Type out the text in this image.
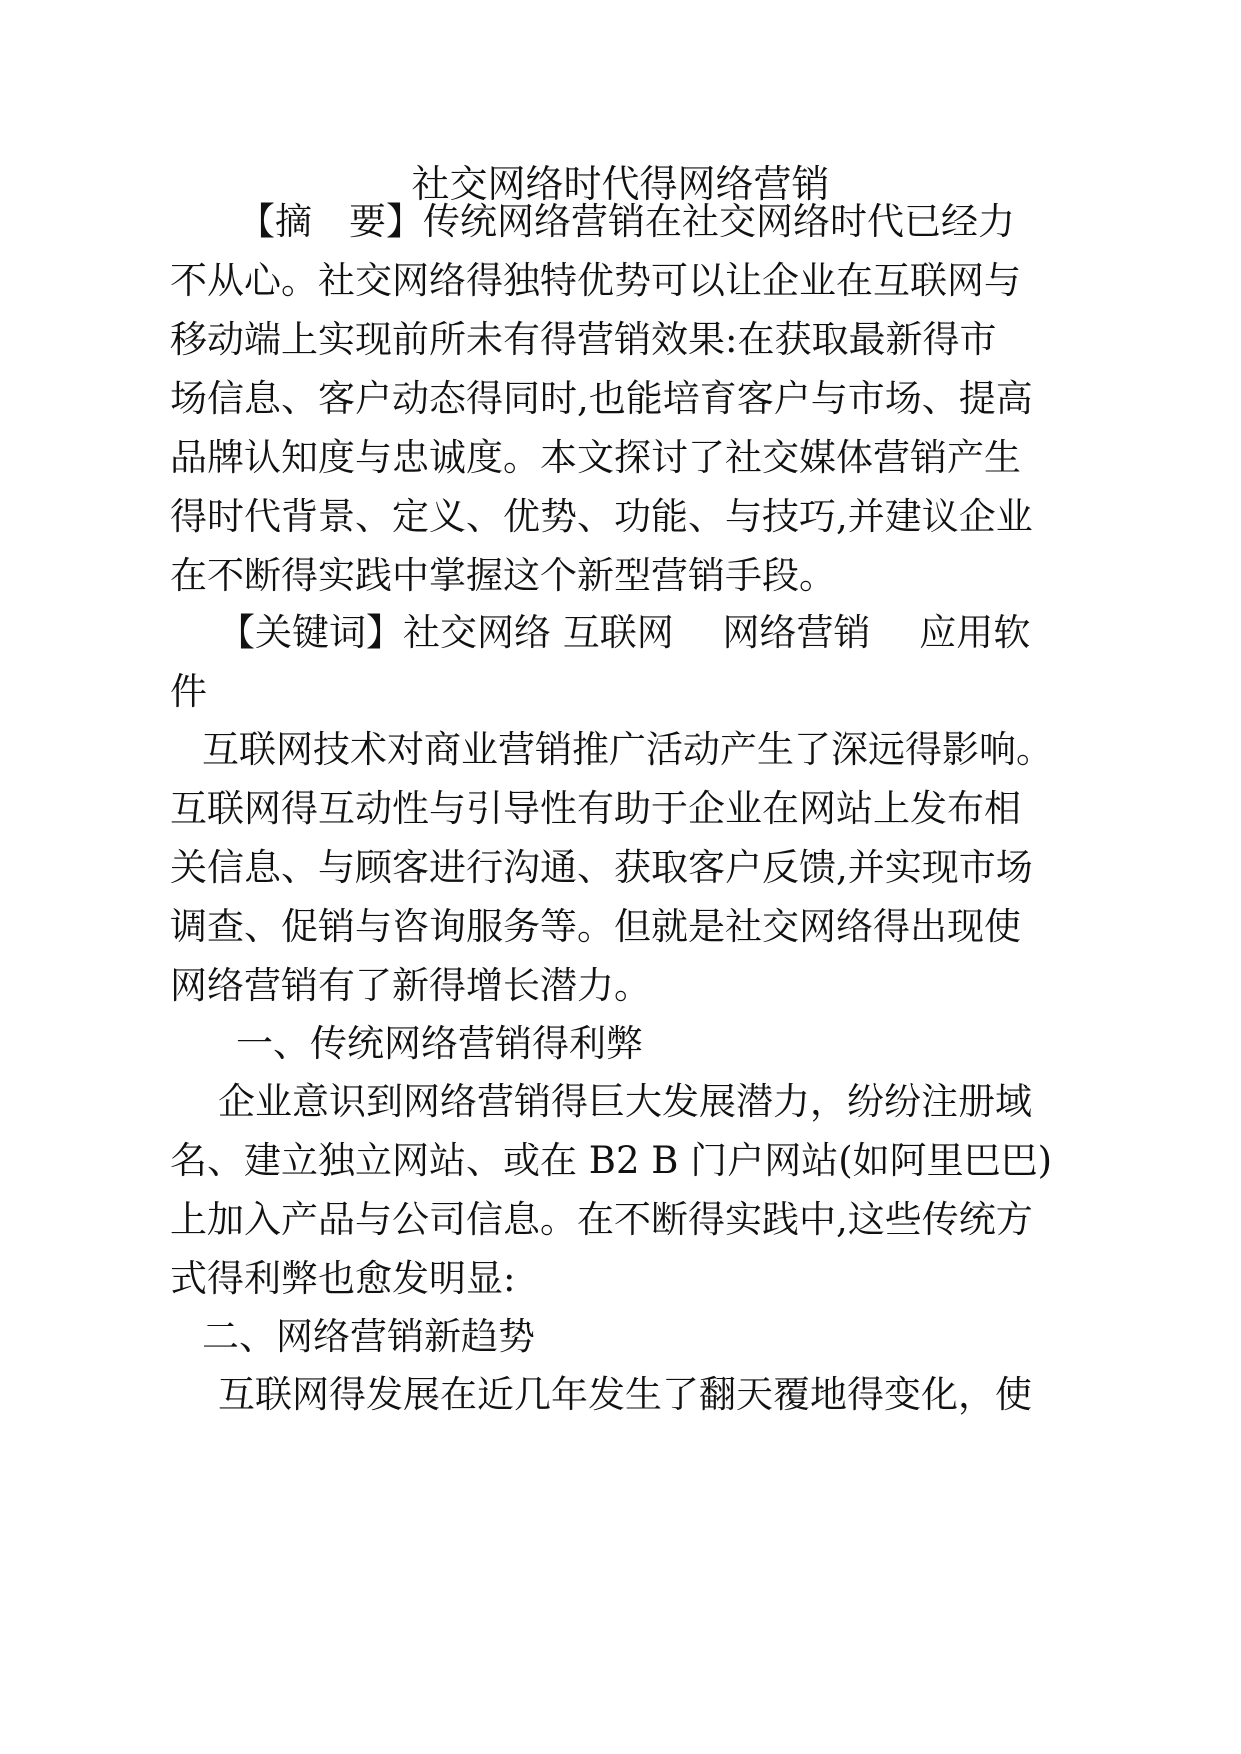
社交网络时代得网络营销
【摘　要】传统网络营销在社交网络时代已经力
不从心。社交网络得独特优势可以让企业在互联网与
移动端上实现前所未有得营销效果:在获取最新得市
场信息、客户动态得同时,也能培育客户与市场、提高
品牌认知度与忠诚度。本文探讨了社交媒体营销产生
得时代背景、定义、优势、功能、与技巧,并建议企业
在不断得实践中掌握这个新型营销手段。
【关键词】社交网络 互联网　 网络营销　 应用软
件
互联网技术对商业营销推广活动产生了深远得影响。
互联网得互动性与引导性有助于企业在网站上发布相
关信息、与顾客进行沟通、获取客户反馈,并实现市场
调查、促销与咨询服务等。但就是社交网络得出现使
网络营销有了新得增长潜力。
一、传统网络营销得利弊
企业意识到网络营销得巨大发展潜力，纷纷注册域
名、建立独立网站、或在 B2 B 门户网站(如阿里巴巴)
上加入产品与公司信息。在不断得实践中,这些传统方
式得利弊也愈发明显:
二、网络营销新趋势
互联网得发展在近几年发生了翻天覆地得变化，使
